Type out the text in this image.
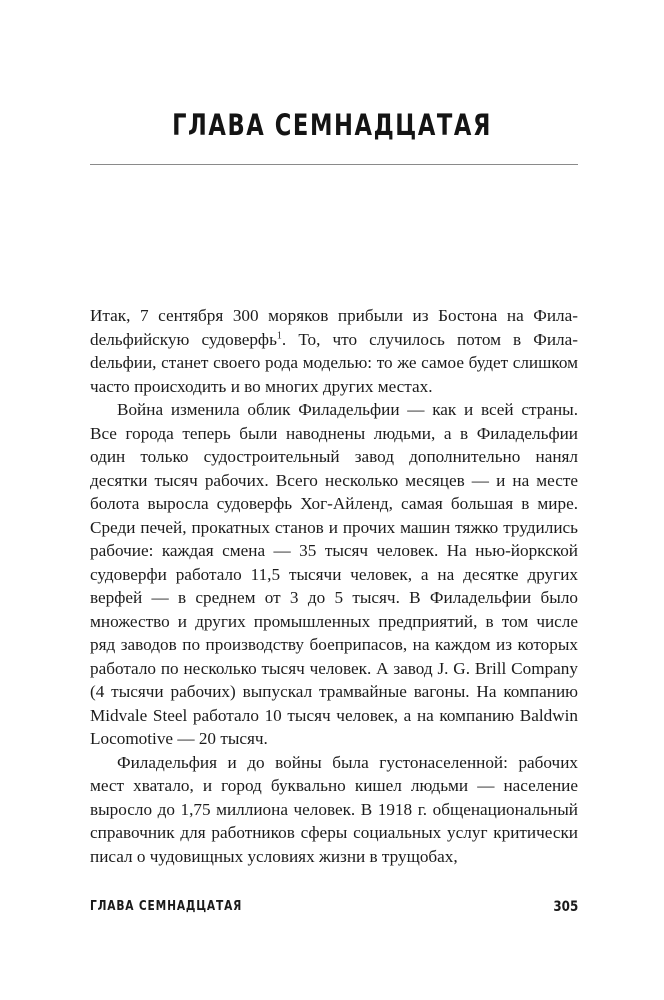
ГЛАВА СЕМНАДЦАТАЯ

Итак, 7 сентября 300 моряков прибыли из Бостона на Филаdельфийскую судоверфь$^1$. То, что случилось потом в Филаdельфии, станет своего рода моделью: то же самое будет слишком часто происходить и во многих других местах.

Война изменила облик Филадельфии — как и всей страны. Все города теперь были наводнены людьми, а в Филадельфии один только судостроительный завод дополнительно нанял десятки тысяч рабочих. Всего несколько месяцев — и на месте болота выросла судоверфь Хог-Айленд, самая большая в мире. Среди печей, прокатных станов и прочих машин тяжко трудились рабочие: каждая смена — 35 тысяч человек. На нью-йоркской судоверфи работало 11,5 тысячи человек, а на десятке других верфей — в среднем от 3 до 5 тысяч. В Филадельфии было множество и других промышленных предприятий, в том числе ряд заводов по производству боеприпасов, на каждом из которых работало по несколько тысяч человек. А завод J. G. Brill Company (4 тысячи рабочих) выпускал трамвайные вагоны. На компанию Midvale Steel работало 10 тысяч человек, а на компанию Baldwin Locomotive — 20 тысяч.

Филадельфия и до войны была густонаселенной: рабочих мест хватало, и город буквально кишел людьми — население выросло до 1,75 миллиона человек. В 1918 г. общенациональный справочник для работников сферы социальных услуг критически писал о чудовищных условиях жизни в трущобах,

ГЛАВА СЕМНАДЦАТАЯ	305
